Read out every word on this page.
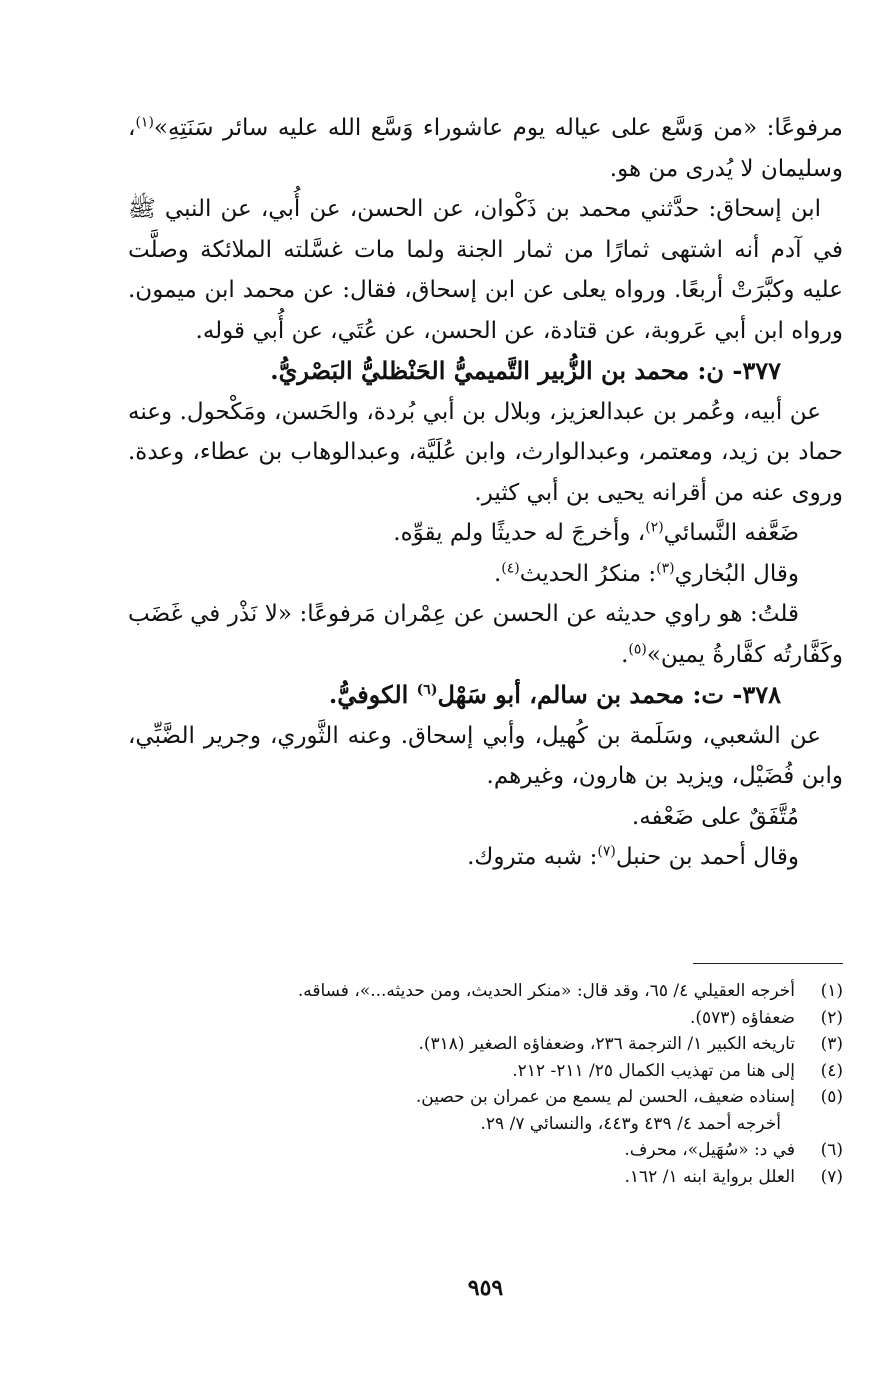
مرفوعًا: «من وَسَّع على عياله يوم عاشوراء وَسَّع الله عليه سائر سَنَتِهِ»$^{(١)}$، وسليمان لا يُدرى من هو.

ابن إسحاق: حدَّثني محمد بن ذَكْوان، عن الحسن، عن أُبي، عن النبي ﷺ في آدم أنه اشتهى ثمارًا من ثمار الجنة ولما مات غسَّلته الملائكة وصلَّت عليه وكبَّرَتْ أربعًا. ورواه يعلى عن ابن إسحاق، فقال: عن محمد ابن ميمون. ورواه ابن أبي عَروبة، عن قتادة، عن الحسن، عن عُتَي، عن أُبي قوله.

٣٧٧- ن: محمد بن الزُّبير التَّميميُّ الحَنْظليُّ البَصْريُّ.

عن أبيه، وعُمر بن عبدالعزيز، وبلال بن أبي بُردة، والحَسن، ومَكْحول. وعنه حماد بن زيد، ومعتمر، وعبدالوارث، وابن عُلَيَّة، وعبدالوهاب بن عطاء، وعدة. وروى عنه من أقرانه يحيى بن أبي كثير.

ضَعَّفه النَّسائي$^{(٢)}$، وأخرجَ له حديثًا ولم يقوِّه.

وقال البُخاري$^{(٣)}$: منكرُ الحديث$^{(٤)}$.

قلتُ: هو راوي حديثه عن الحسن عن عِمْران مَرفوعًا: «لا نَذْر في غَضَب وكَفَّارتُه كفَّارةُ يمين»$^{(٥)}$.

٣٧٨- ت: محمد بن سالم، أبو سَهْل$^{(٦)}$ الكوفيُّ.

عن الشعبي، وسَلَمة بن كُهيل، وأبي إسحاق. وعنه الثَّوري، وجرير الضَّبِّي، وابن فُضَيْل، ويزيد بن هارون، وغيرهم.

مُتَّفَقٌ على ضَعْفه.

وقال أحمد بن حنبل$^{(٧)}$: شبه متروك.

(١)
أخرجه العقيلي ٤/ ٦٥، وقد قال: «منكر الحديث، ومن حديثه...»، فساقه.
(٢)
ضعفاؤه (٥٧٣).
(٣)
تاريخه الكبير ١/ الترجمة ٢٣٦، وضعفاؤه الصغير (٣١٨).
(٤)
إلى هنا من تهذيب الكمال ٢٥/ ٢١١- ٢١٢.
(٥)
إسناده ضعيف، الحسن لم يسمع من عمران بن حصين.
أخرجه أحمد ٤/ ٤٣٩ و٤٤٣، والنسائي ٧/ ٢٩.
(٦)
في د: «سُهَيل»، محرف.
(٧)
العلل برواية ابنه ١/ ١٦٢.
٩٥٩
